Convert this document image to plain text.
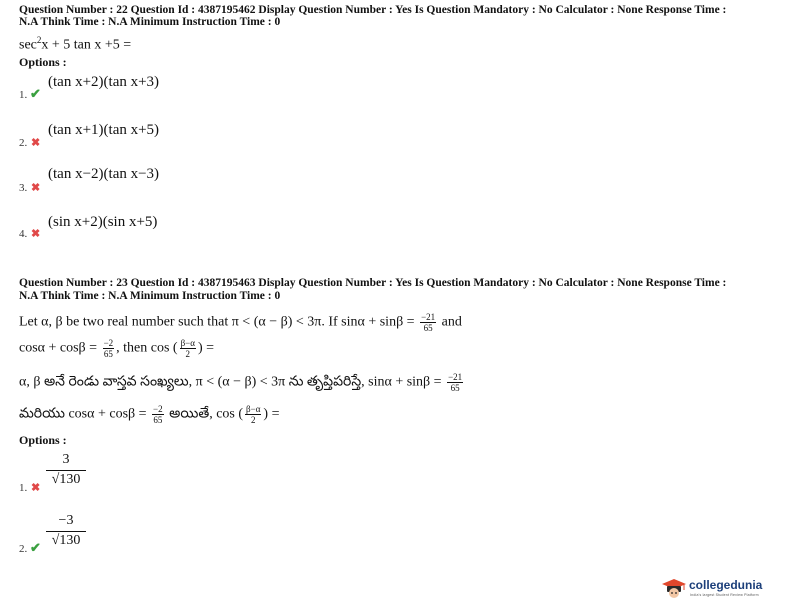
Question Number : 22 Question Id : 4387195462 Display Question Number : Yes Is Question Mandatory : No Calculator : None Response Time :
N.A Think Time : N.A Minimum Instruction Time : 0
$\sec^2x + 5$ tan x +5 =
Options :
1. ✔
(tan x+2)(tan x+3)
2. ✖
(tan x+1)(tan x+5)
3. ✖
(tan x−2)(tan x−3)
4. ✖
(sin x+2)(sin x+5)
Question Number : 23 Question Id : 4387195463 Display Question Number : Yes Is Question Mandatory : No Calculator : None Response Time :
N.A Think Time : N.A Minimum Instruction Time : 0
Let α, β be two real number such that π < (α − β) < 3π. If $\sin\alpha + \sin\beta = \frac{-21}{65}$ and
$\cos\alpha + \cos\beta = \frac{-2}{65}$ , then cos ( $\frac{\beta-\alpha}{2}$ ) =
α, β అనే రెండు వాస్తవ సంఖ్యలు, π < (α − β) < 3π ను తృప్తిపరిస్తే, $\sin\alpha + \sin\beta = \frac{-21}{65}$
మరియు $\cos\alpha + \cos\beta = \frac{-2}{65}$ అయితే, cos ( $\frac{\beta-\alpha}{2}$ ) =
Options :
1. ✖ $\frac{3}{√130}$
2. ✔ $\frac{-3}{√130}$
collegedunia
India's largest Student Review Platform
